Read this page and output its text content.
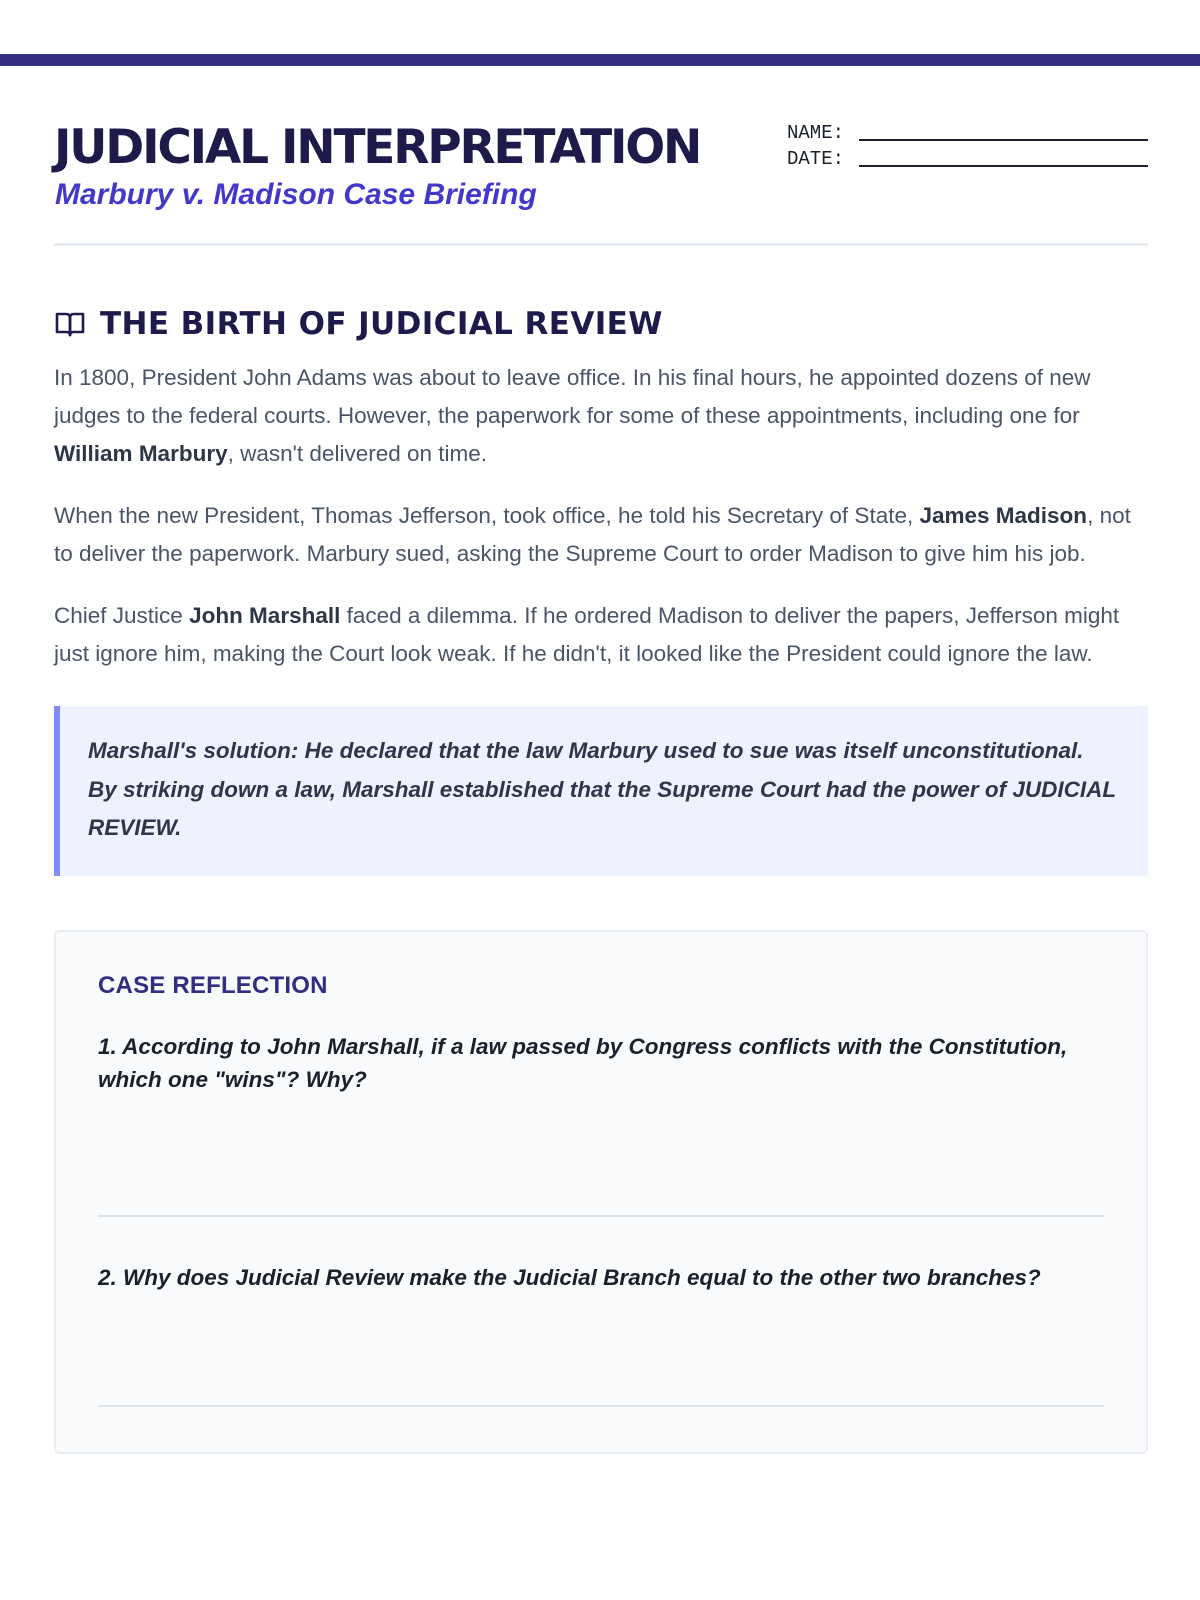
JUDICIAL INTERPRETATION
Marbury v. Madison Case Briefing
NAME:
DATE:
THE BIRTH OF JUDICIAL REVIEW

In 1800, President John Adams was about to leave office. In his final hours, he appointed dozens of new judges to the federal courts. However, the paperwork for some of these appointments, including one for William Marbury, wasn't delivered on time.

When the new President, Thomas Jefferson, took office, he told his Secretary of State, James Madison, not to deliver the paperwork. Marbury sued, asking the Supreme Court to order Madison to give him his job.

Chief Justice John Marshall faced a dilemma. If he ordered Madison to deliver the papers, Jefferson might just ignore him, making the Court look weak. If he didn't, it looked like the President could ignore the law.

Marshall's solution: He declared that the law Marbury used to sue was itself unconstitutional. By striking down a law, Marshall established that the Supreme Court had the power of JUDICIAL REVIEW.
CASE REFLECTION
1. According to John Marshall, if a law passed by Congress conflicts with the Constitution, which one "wins"? Why?
2. Why does Judicial Review make the Judicial Branch equal to the other two branches?
